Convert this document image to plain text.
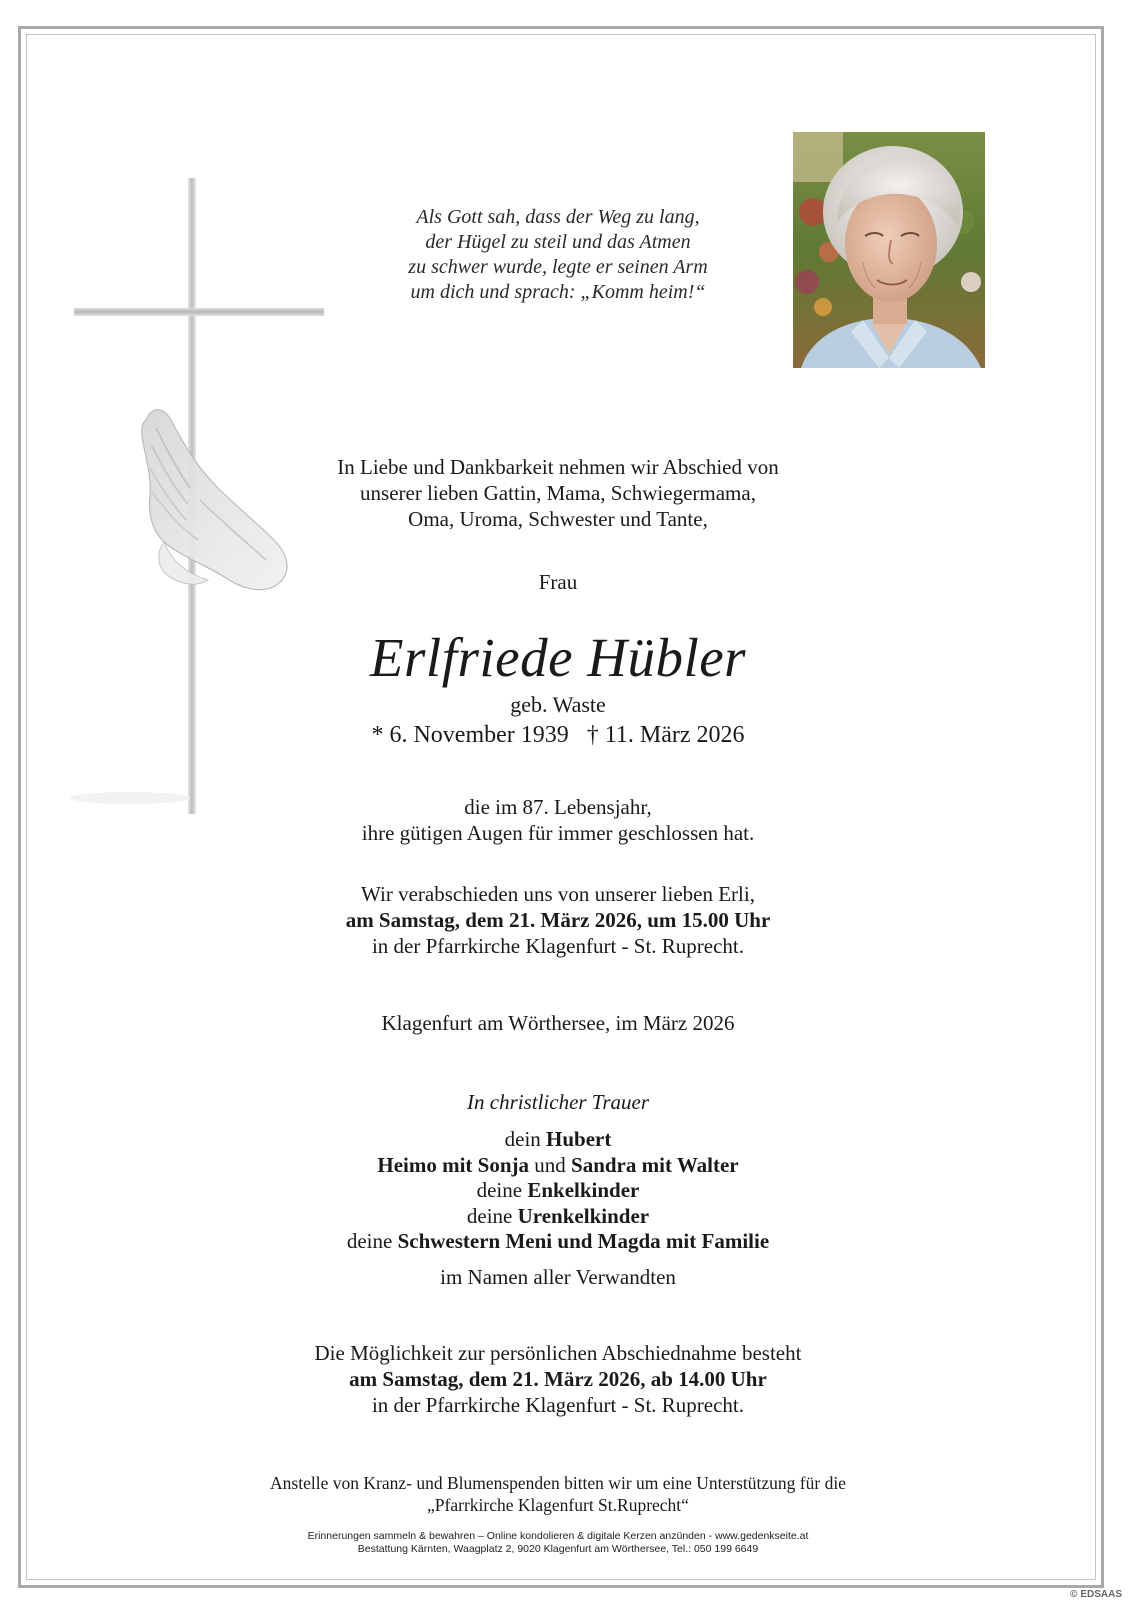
Als Gott sah, dass der Weg zu lang,
der Hügel zu steil und das Atmen
zu schwer wurde, legte er seinen Arm
um dich und sprach: „Komm heim!“
In Liebe und Dankbarkeit nehmen wir Abschied von
unserer lieben Gattin, Mama, Schwiegermama,
Oma, Uroma, Schwester und Tante,
Frau
Erlfriede Hübler
geb. Waste
* 6. November 1939 † 11. März 2026
die im 87. Lebensjahr,
ihre gütigen Augen für immer geschlossen hat.
Wir verabschieden uns von unserer lieben Erli,
am Samstag, dem 21. März 2026, um 15.00 Uhr
in der Pfarrkirche Klagenfurt - St. Ruprecht.
Klagenfurt am Wörthersee, im März 2026
In christlicher Trauer
dein Hubert
Heimo mit Sonja und Sandra mit Walter
deine Enkelkinder
deine Urenkelkinder
deine Schwestern Meni und Magda mit Familie
im Namen aller Verwandten
Die Möglichkeit zur persönlichen Abschiednahme besteht
am Samstag, dem 21. März 2026, ab 14.00 Uhr
in der Pfarrkirche Klagenfurt - St. Ruprecht.
Anstelle von Kranz- und Blumenspenden bitten wir um eine Unterstützung für die
„Pfarrkirche Klagenfurt St.Ruprecht“
Erinnerungen sammeln & bewahren – Online kondolieren & digitale Kerzen anzünden - www.gedenkseite.at
Bestattung Kärnten, Waagplatz 2, 9020 Klagenfurt am Wörthersee, Tel.: 050 199 6649
© EDSAAS
